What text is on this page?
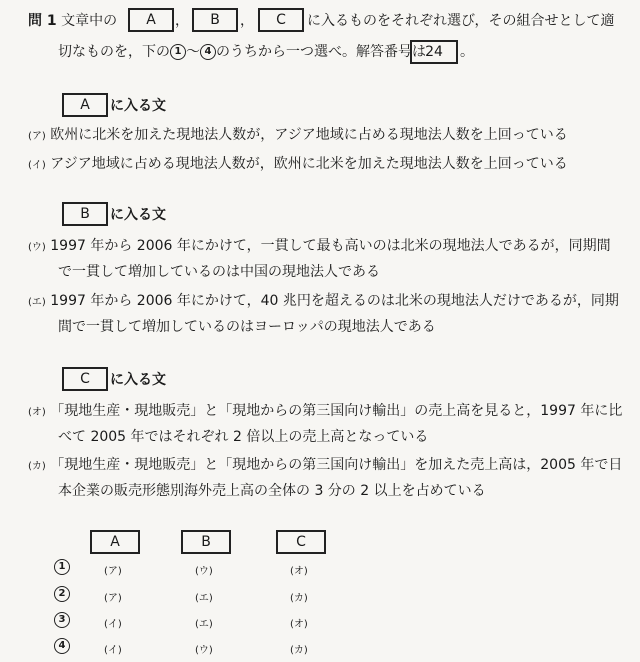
問 1 文章中の	A	，	B	，	C	に入るものをそれぞれ選び，その組合せとして適
切なものを，下の 1 〜 4 のうちから一つ選べ。解答番号は 24	。
A	に入る文
(ア) 欧州に北米を加えた現地法人数が，アジア地域に占める現地法人数を上回っている
(イ) アジア地域に占める現地法人数が，欧州に北米を加えた現地法人数を上回っている
B	に入る文
(ウ) 1997 年から 2006 年にかけて，一貫して最も高いのは北米の現地法人であるが，同期間
で一貫して増加しているのは中国の現地法人である
(エ) 1997 年から 2006 年にかけて，40 兆円を超えるのは北米の現地法人だけであるが，同期
間で一貫して増加しているのはヨーロッパの現地法人である
C	に入る文
(オ) 「現地生産・現地販売」と「現地からの第三国向け輸出」の売上高を見ると，1997 年に比
べて 2005 年ではそれぞれ 2 倍以上の売上高となっている
(カ) 「現地生産・現地販売」と「現地からの第三国向け輸出」を加えた売上高は，2005 年で日
本企業の販売形態別海外売上高の全体の 3 分の 2 以上を占めている
A	B	C
1	(ア)	(ウ)	(オ)
2	(ア)	(エ)	(カ)
3	(イ)	(エ)	(オ)
4	(イ)	(ウ)	(カ)
